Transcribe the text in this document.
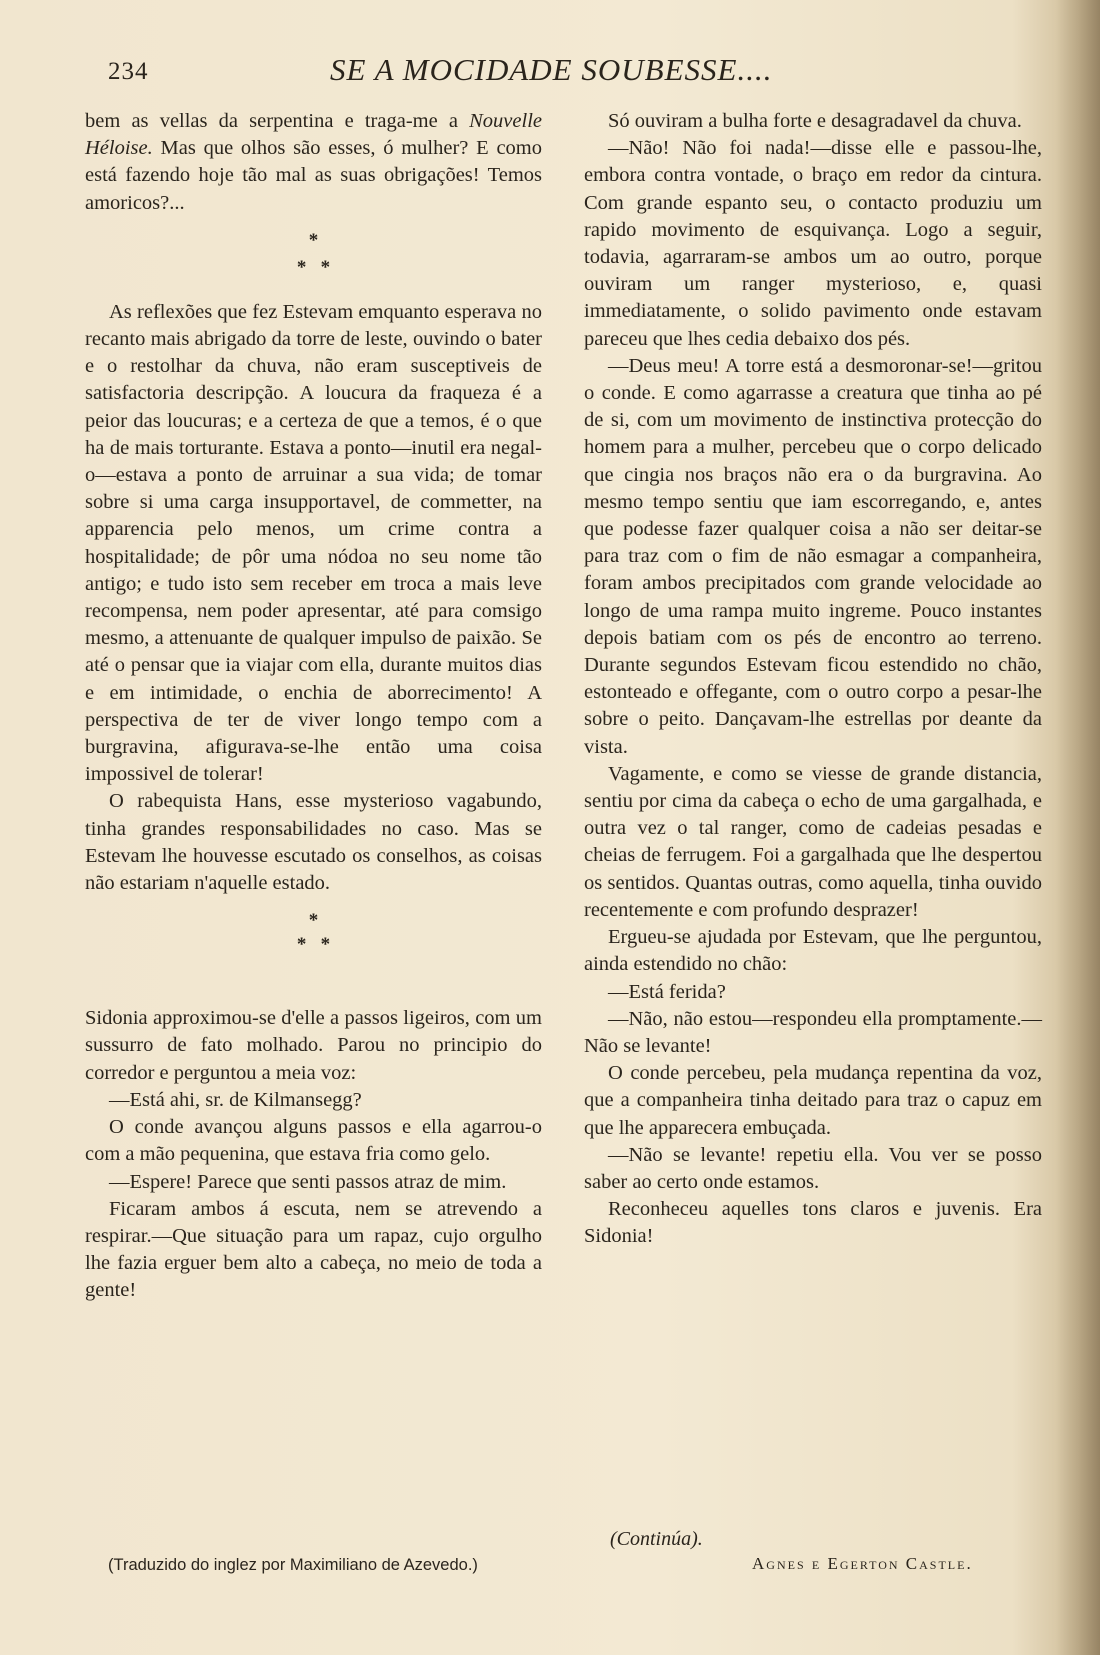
234	SE A MOCIDADE SOUBESSE....

bem as vellas da serpentina e traga-me a Nouvelle Héloise. Mas que olhos são esses, ó mulher? E como está fazendo hoje tão mal as suas obrigações! Temos amoricos?...

*
*   *

As reflexões que fez Estevam emquanto esperava no recanto mais abrigado da torre de leste, ouvindo o bater e o restolhar da chuva, não eram susceptiveis de satisfactoria descripção. A loucura da fraqueza é a peior das loucuras; e a certeza de que a temos, é o que ha de mais torturante. Estava a ponto—inutil era negal-o—estava a ponto de arruinar a sua vida; de tomar sobre si uma carga insupportavel, de commetter, na apparencia pelo menos, um crime contra a hospitalidade; de pôr uma nódoa no seu nome tão antigo; e tudo isto sem receber em troca a mais leve recompensa, nem poder apresentar, até para comsigo mesmo, a attenuante de qualquer impulso de paixão. Se até o pensar que ia viajar com ella, durante muitos dias e em intimidade, o enchia de aborrecimento! A perspectiva de ter de viver longo tempo com a burgravina, afigurava-se-lhe então uma coisa impossivel de tolerar!

O rabequista Hans, esse mysterioso vagabundo, tinha grandes responsabilidades no caso. Mas se Estevam lhe houvesse escutado os conselhos, as coisas não estariam n'aquelle estado.

*
*   *

Sidonia approximou-se d'elle a passos ligeiros, com um sussurro de fato molhado. Parou no principio do corredor e perguntou a meia voz:

—Está ahi, sr. de Kilmansegg?

O conde avançou alguns passos e ella agarrou-o com a mão pequenina, que estava fria como gelo.

—Espere! Parece que senti passos atraz de mim.

Ficaram ambos á escuta, nem se atrevendo a respirar.—Que situação para um rapaz, cujo orgulho lhe fazia erguer bem alto a cabeça, no meio de toda a gente!

Só ouviram a bulha forte e desagradavel da chuva.

—Não! Não foi nada!—disse elle e passou-lhe, embora contra vontade, o braço em redor da cintura. Com grande espanto seu, o contacto produziu um rapido movimento de esquivança. Logo a seguir, todavia, agarraram-se ambos um ao outro, porque ouviram um ranger mysterioso, e, quasi immediatamente, o solido pavimento onde estavam pareceu que lhes cedia debaixo dos pés.

—Deus meu! A torre está a desmoronar-se!—gritou o conde. E como agarrasse a creatura que tinha ao pé de si, com um movimento de instinctiva protecção do homem para a mulher, percebeu que o corpo delicado que cingia nos braços não era o da burgravina. Ao mesmo tempo sentiu que iam escorregando, e, antes que podesse fazer qualquer coisa a não ser deitar-se para traz com o fim de não esmagar a companheira, foram ambos precipitados com grande velocidade ao longo de uma rampa muito ingreme. Pouco instantes depois batiam com os pés de encontro ao terreno. Durante segundos Estevam ficou estendido no chão, estonteado e offegante, com o outro corpo a pesar-lhe sobre o peito. Dançavam-lhe estrellas por deante da vista.

Vagamente, e como se viesse de grande distancia, sentiu por cima da cabeça o echo de uma gargalhada, e outra vez o tal ranger, como de cadeias pesadas e cheias de ferrugem. Foi a gargalhada que lhe despertou os sentidos. Quantas outras, como aquella, tinha ouvido recentemente e com profundo desprazer!

Ergueu-se ajudada por Estevam, que lhe perguntou, ainda estendido no chão:

—Está ferida?

—Não, não estou—respondeu ella promptamente.—Não se levante!

O conde percebeu, pela mudança repentina da voz, que a companheira tinha deitado para traz o capuz em que lhe apparecera embuçada.

—Não se levante! repetiu ella. Vou ver se posso saber ao certo onde estamos.

Reconheceu aquelles tons claros e juvenis. Era Sidonia!

(Continúa).
Agnes e Egerton Castle.
(Traduzido do inglez por Maximiliano de Azevedo.)
